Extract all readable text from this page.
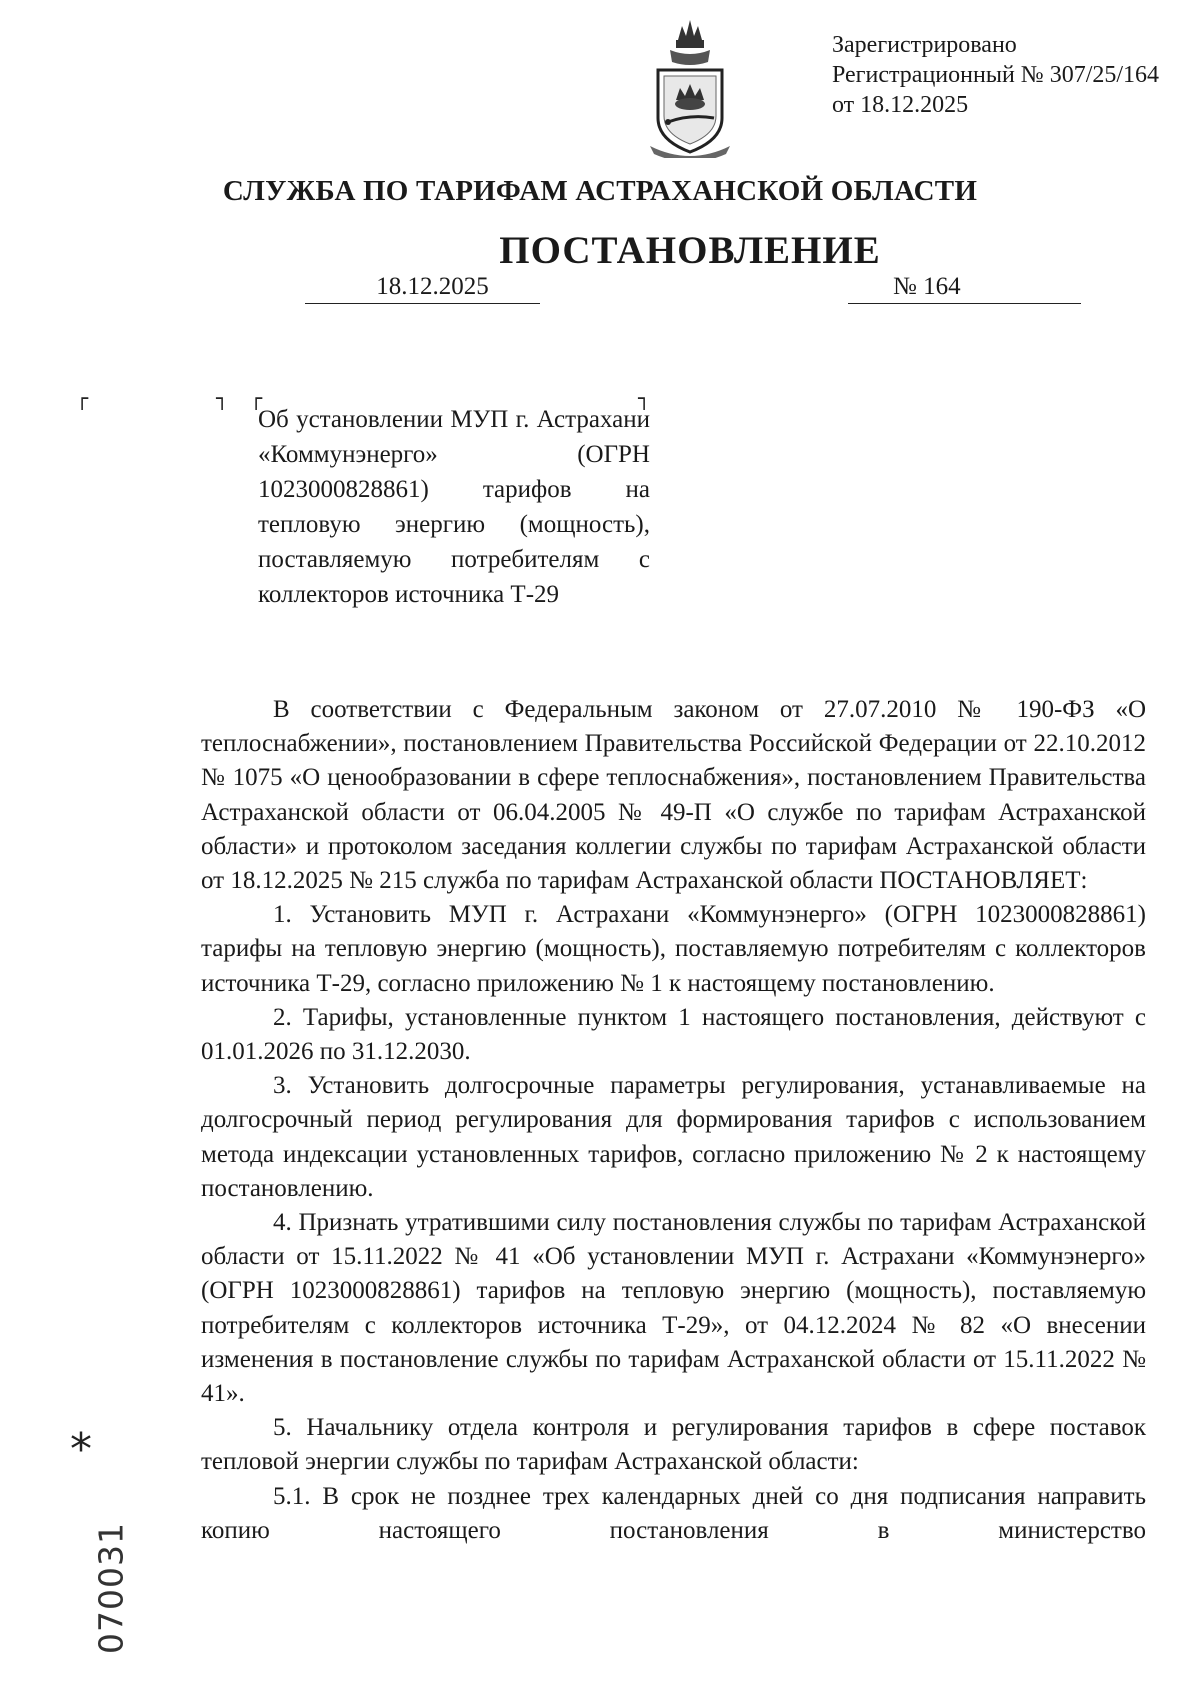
Зарегистрировано
Регистрационный № 307/25/164
от 18.12.2025
СЛУЖБА ПО ТАРИФАМ АСТРАХАНСКОЙ ОБЛАСТИ
ПОСТАНОВЛЕНИЕ
18.12.2025	№ 164
┌	┐ ┌	┐
Об установлении МУП г. Астрахани «Коммунэнерго» (ОГРН 1023000828861) тарифов на тепловую энергию (мощность), поставляемую потребителям с коллекторов источника Т-29

В соответствии с Федеральным законом от 27.07.2010 № 190-ФЗ «О теплоснабжении», постановлением Правительства Российской Федерации от 22.10.2012 № 1075 «О ценообразовании в сфере теплоснабжения», постановлением Правительства Астраханской области от 06.04.2005 № 49-П «О службе по тарифам Астраханской области» и протоколом заседания коллегии службы по тарифам Астраханской области от 18.12.2025 № 215 служба по тарифам Астраханской области ПОСТАНОВЛЯЕТ:

1. Установить МУП г. Астрахани «Коммунэнерго» (ОГРН 1023000828861) тарифы на тепловую энергию (мощность), поставляемую потребителям с коллекторов источника Т-29, согласно приложению № 1 к настоящему постановлению.

2. Тарифы, установленные пунктом 1 настоящего постановления, действуют с 01.01.2026 по 31.12.2030.

3. Установить долгосрочные параметры регулирования, устанавливаемые на долгосрочный период регулирования для формирования тарифов с использованием метода индексации установленных тарифов, согласно приложению № 2 к настоящему постановлению.

4. Признать утратившими силу постановления службы по тарифам Астраханской области от 15.11.2022 № 41 «Об установлении МУП г. Астрахани «Коммунэнерго» (ОГРН 1023000828861) тарифов на тепловую энергию (мощность), поставляемую потребителям с коллекторов источника Т-29», от 04.12.2024 № 82 «О внесении изменения в постановление службы по тарифам Астраханской области от 15.11.2022 № 41».

5. Начальнику отдела контроля и регулирования тарифов в сфере поставок тепловой энергии службы по тарифам Астраханской области:

5.1. В срок не позднее трех календарных дней со дня подписания направить копию настоящего постановления в министерство

*
070031
